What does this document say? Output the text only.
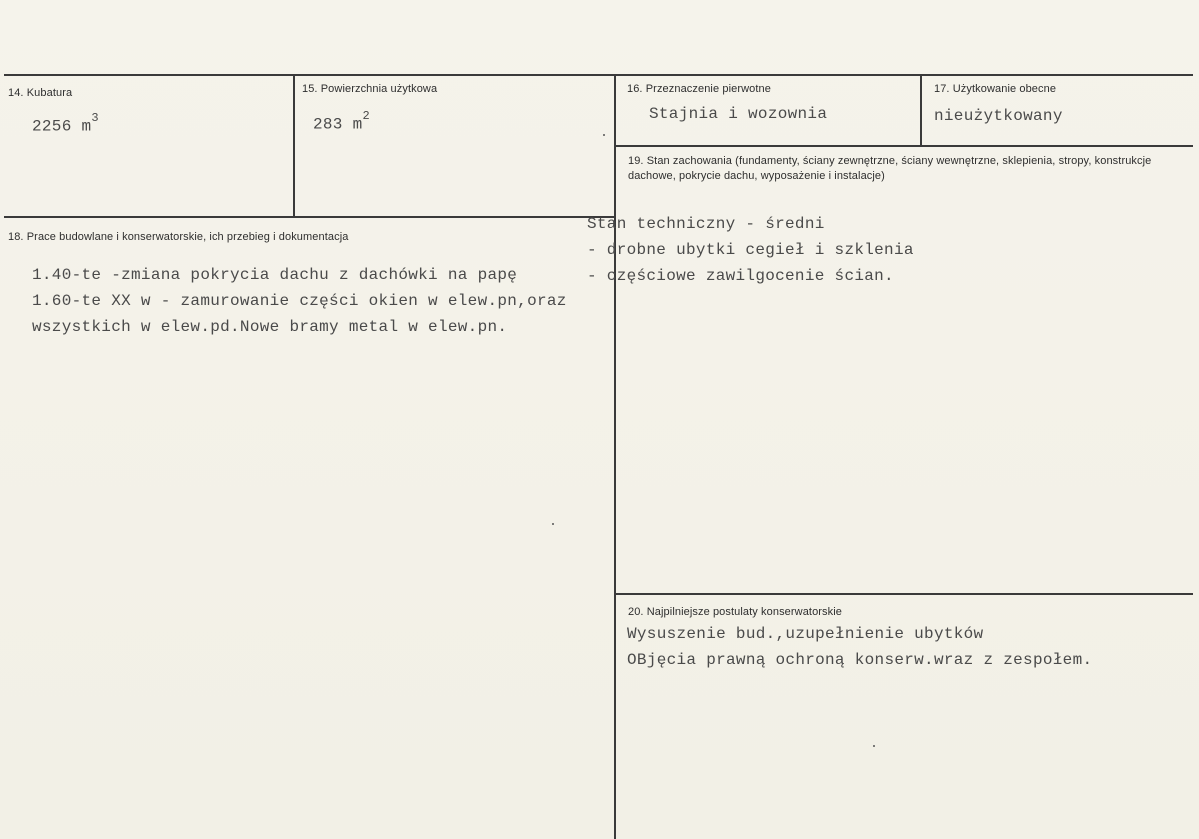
14. Kubatura
2256 $m^3$
15. Powierzchnia użytkowa
283 $m^2$
16. Przeznaczenie pierwotne
Stajnia i wozownia
17. Użytkowanie obecne
nieużytkowany
18. Prace budowlane i konserwatorskie, ich przebieg i dokumentacja
1.40-te -zmiana pokrycia dachu z dachówki na papę
1.60-te XX w - zamurowanie części okien w elew.pn,oraz
wszystkich w elew.pd.Nowe bramy metal w elew.pn.
19. Stan zachowania (fundamenty, ściany zewnętrzne, ściany wewnętrzne, sklepienia, stropy, konstrukcje dachowe, pokrycie dachu, wyposażenie i instalacje)
Stan techniczny - średni
- drobne ubytki cegieł i szklenia
- częściowe zawilgocenie ścian.
20. Najpilniejsze postulaty konserwatorskie
Wysuszenie bud.,uzupełnienie ubytków
OBjęcia prawną ochroną konserw.wraz z zespołem.
